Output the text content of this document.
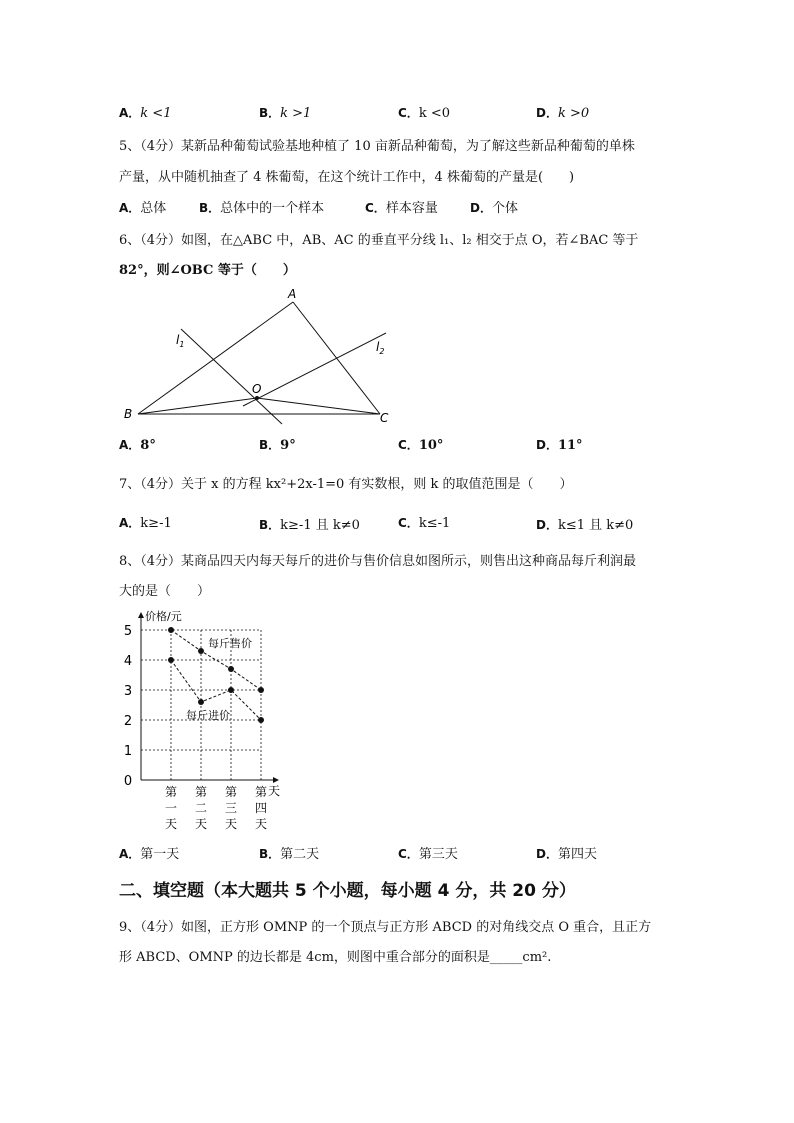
A．k <1	B．k >1	C．k <0	D．k >0
5、（4分）某新品种葡萄试验基地种植了 10 亩新品种葡萄，为了解这些新品种葡萄的单株
产量，从中随机抽查了 4 株葡萄，在这个统计工作中，4 株葡萄的产量是(　　)
A．总体	B．总体中的一个样本	C．样本容量	D．个体
6、（4分）如图，在△ABC 中，AB、AC 的垂直平分线 l₁、l₂ 相交于点 O，若∠BAC 等于
82°，则∠OBC 等于（　　）
A
B	C
O
$l_1$	$l_2$
A．8°	B．9°	C．10°	D．11°
7、（4分）关于 x 的方程 kx²+2x-1=0 有实数根，则 k 的取值范围是（　　）
A．k≥-1	B．k≥-1 且 k≠0	C．k≤-1	D．k≤1 且 k≠0
8、（4分）某商品四天内每天每斤的进价与售价信息如图所示，则售出这种商品每斤利润最
大的是（　　）
0
1
2
3
4
5
价格/元
天
第
一
天
第
二
天
第
三
天
第
四
天
每斤售价
每斤进价
A．第一天	B．第二天	C．第三天	D．第四天
二、填空题（本大题共 5 个小题，每小题 4 分，共 20 分）
9、（4分）如图，正方形 OMNP 的一个顶点与正方形 ABCD 的对角线交点 O 重合，且正方
形 ABCD、OMNP 的边长都是 4cm，则图中重合部分的面积是_____cm².
